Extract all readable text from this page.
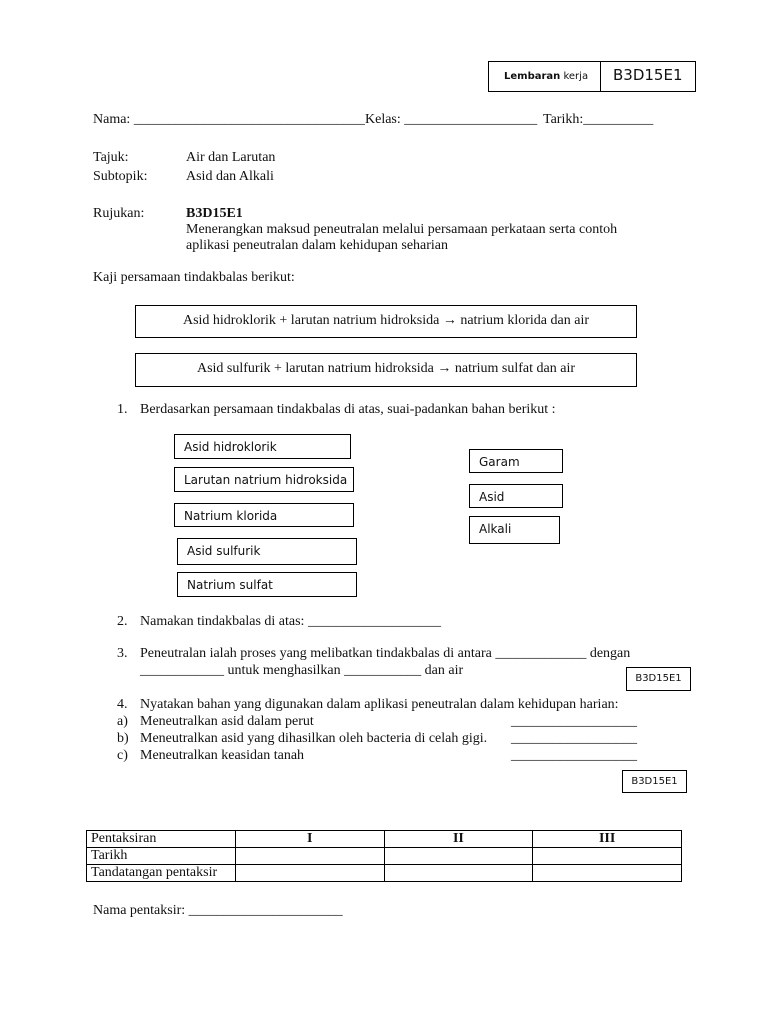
Lembaran kerja B3D15E1
Nama: _________________________________ Kelas: ___________________ Tarikh:__________
Tajuk:	Air dan Larutan
Subtopik:	Asid dan Alkali
Rujukan:	B3D15E1
Menerangkan maksud peneutralan melalui persamaan perkataan serta contoh
aplikasi peneutralan dalam kehidupan seharian
Kaji persamaan tindakbalas berikut:
Asid hidroklorik + larutan natrium hidroksida → natrium klorida dan air
Asid sulfurik + larutan natrium hidroksida → natrium sulfat dan air
1. Berdasarkan persamaan tindakbalas di atas, suai-padankan bahan berikut :
Asid hidroklorik
Larutan natrium hidroksida
Natrium klorida
Asid sulfurik
Natrium sulfat
Garam
Asid
Alkali
2. Namakan tindakbalas di atas: ___________________
3. Peneutralan ialah proses yang melibatkan tindakbalas di antara _____________ dengan
____________ untuk menghasilkan ___________ dan air
B3D15E1
4. Nyatakan bahan yang digunakan dalam aplikasi peneutralan dalam kehidupan harian:
a) Meneutralkan asid dalam perut	__________________
b) Meneutralkan asid yang dihasilkan oleh bacteria di celah gigi. __________________
c) Meneutralkan keasidan tanah	__________________
B3D15E1
Pentaksiran	I	II	III
Tarikh			
Tandatangan pentaksir			
Nama pentaksir: ______________________
